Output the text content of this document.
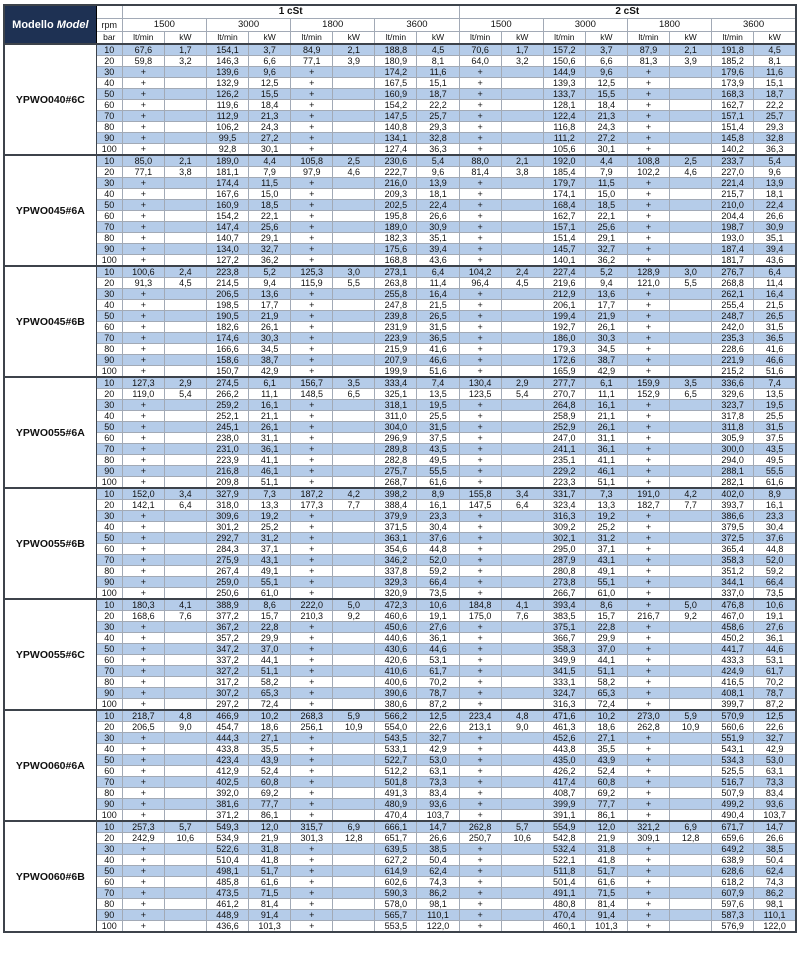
Modello Model		1 cSt								2 cSt							
	rpm	1500		3000		1800		3600		1500		3000		1800		3600	
	bar	lt/min	kW	lt/min	kW	lt/min	kW	lt/min	kW	lt/min	kW	lt/min	kW	lt/min	kW	lt/min	kW
YPWO040#6C	10	67,6	1,7	154,1	3,7	84,9	2,1	188,8	4,5	70,6	1,7	157,2	3,7	87,9	2,1	191,8	4,5
	20	59,8	3,2	146,3	6,6	77,1	3,9	180,9	8,1	64,0	3,2	150,6	6,6	81,3	3,9	185,2	8,1
	30	+		139,6	9,6	+		174,2	11,6	+		144,9	9,6	+		179,6	11,6
	40	+		132,9	12,5	+		167,5	15,1	+		139,3	12,5	+		173,9	15,1
	50	+		126,2	15,5	+		160,9	18,7	+		133,7	15,5	+		168,3	18,7
	60	+		119,6	18,4	+		154,2	22,2	+		128,1	18,4	+		162,7	22,2
	70	+		112,9	21,3	+		147,5	25,7	+		122,4	21,3	+		157,1	25,7
	80	+		106,2	24,3	+		140,8	29,3	+		116,8	24,3	+		151,4	29,3
	90	+		99,5	27,2	+		134,1	32,8	+		111,2	27,2	+		145,8	32,8
	100	+		92,8	30,1	+		127,4	36,3	+		105,6	30,1	+		140,2	36,3
YPWO045#6A	10	85,0	2,1	189,0	4,4	105,8	2,5	230,6	5,4	88,0	2,1	192,0	4,4	108,8	2,5	233,7	5,4
	20	77,1	3,8	181,1	7,9	97,9	4,6	222,7	9,6	81,4	3,8	185,4	7,9	102,2	4,6	227,0	9,6
	30	+		174,4	11,5	+		216,0	13,9	+		179,7	11,5	+		221,4	13,9
	40	+		167,6	15,0	+		209,3	18,1	+		174,1	15,0	+		215,7	18,1
	50	+		160,9	18,5	+		202,5	22,4	+		168,4	18,5	+		210,0	22,4
	60	+		154,2	22,1	+		195,8	26,6	+		162,7	22,1	+		204,4	26,6
	70	+		147,4	25,6	+		189,0	30,9	+		157,1	25,6	+		198,7	30,9
	80	+		140,7	29,1	+		182,3	35,1	+		151,4	29,1	+		193,0	35,1
	90	+		134,0	32,7	+		175,6	39,4	+		145,7	32,7	+		187,4	39,4
	100	+		127,2	36,2	+		168,8	43,6	+		140,1	36,2	+		181,7	43,6
YPWO045#6B	10	100,6	2,4	223,8	5,2	125,3	3,0	273,1	6,4	104,2	2,4	227,4	5,2	128,9	3,0	276,7	6,4
	20	91,3	4,5	214,5	9,4	115,9	5,5	263,8	11,4	96,4	4,5	219,6	9,4	121,0	5,5	268,8	11,4
	30	+		206,5	13,6	+		255,8	16,4	+		212,9	13,6	+		262,1	16,4
	40	+		198,5	17,7	+		247,8	21,5	+		206,1	17,7	+		255,4	21,5
	50	+		190,5	21,9	+		239,8	26,5	+		199,4	21,9	+		248,7	26,5
	60	+		182,6	26,1	+		231,9	31,5	+		192,7	26,1	+		242,0	31,5
	70	+		174,6	30,3	+		223,9	36,5	+		186,0	30,3	+		235,3	36,5
	80	+		166,6	34,5	+		215,9	41,6	+		179,3	34,5	+		228,6	41,6
	90	+		158,6	38,7	+		207,9	46,6	+		172,6	38,7	+		221,9	46,6
	100	+		150,7	42,9	+		199,9	51,6	+		165,9	42,9	+		215,2	51,6
YPWO055#6A	10	127,3	2,9	274,5	6,1	156,7	3,5	333,4	7,4	130,4	2,9	277,7	6,1	159,9	3,5	336,6	7,4
	20	119,0	5,4	266,2	11,1	148,5	6,5	325,1	13,5	123,5	5,4	270,7	11,1	152,9	6,5	329,6	13,5
	30	+		259,2	16,1	+		318,1	19,5	+		264,8	16,1	+		323,7	19,5
	40	+		252,1	21,1	+		311,0	25,5	+		258,9	21,1	+		317,8	25,5
	50	+		245,1	26,1	+		304,0	31,5	+		252,9	26,1	+		311,8	31,5
	60	+		238,0	31,1	+		296,9	37,5	+		247,0	31,1	+		305,9	37,5
	70	+		231,0	36,1	+		289,8	43,5	+		241,1	36,1	+		300,0	43,5
	80	+		223,9	41,1	+		282,8	49,5	+		235,1	41,1	+		294,0	49,5
	90	+		216,8	46,1	+		275,7	55,5	+		229,2	46,1	+		288,1	55,5
	100	+		209,8	51,1	+		268,7	61,6	+		223,3	51,1	+		282,1	61,6
YPWO055#6B	10	152,0	3,4	327,9	7,3	187,2	4,2	398,2	8,9	155,8	3,4	331,7	7,3	191,0	4,2	402,0	8,9
	20	142,1	6,4	318,0	13,3	177,3	7,7	388,4	16,1	147,5	6,4	323,4	13,3	182,7	7,7	393,7	16,1
	30	+		309,6	19,2	+		379,9	23,3	+		316,3	19,2	+		386,6	23,3
	40	+		301,2	25,2	+		371,5	30,4	+		309,2	25,2	+		379,5	30,4
	50	+		292,7	31,2	+		363,1	37,6	+		302,1	31,2	+		372,5	37,6
	60	+		284,3	37,1	+		354,6	44,8	+		295,0	37,1	+		365,4	44,8
	70	+		275,9	43,1	+		346,2	52,0	+		287,9	43,1	+		358,3	52,0
	80	+		267,4	49,1	+		337,8	59,2	+		280,8	49,1	+		351,2	59,2
	90	+		259,0	55,1	+		329,3	66,4	+		273,8	55,1	+		344,1	66,4
	100	+		250,6	61,0	+		320,9	73,5	+		266,7	61,0	+		337,0	73,5
YPWO055#6C	10	180,3	4,1	388,9	8,6	222,0	5,0	472,3	10,6	184,8	4,1	393,4	8,6	+	5,0	476,8	10,6
	20	168,6	7,6	377,2	15,7	210,3	9,2	460,6	19,1	175,0	7,6	383,5	15,7	216,7	9,2	467,0	19,1
	30	+		367,2	22,8	+		450,6	27,6	+		375,1	22,8	+		458,6	27,6
	40	+		357,2	29,9	+		440,6	36,1	+		366,7	29,9	+		450,2	36,1
	50	+		347,2	37,0	+		430,6	44,6	+		358,3	37,0	+		441,7	44,6
	60	+		337,2	44,1	+		420,6	53,1	+		349,9	44,1	+		433,3	53,1
	70	+		327,2	51,1	+		410,6	61,7	+		341,5	51,1	+		424,9	61,7
	80	+		317,2	58,2	+		400,6	70,2	+		333,1	58,2	+		416,5	70,2
	90	+		307,2	65,3	+		390,6	78,7	+		324,7	65,3	+		408,1	78,7
	100	+		297,2	72,4	+		380,6	87,2	+		316,3	72,4	+		399,7	87,2
YPWO060#6A	10	218,7	4,8	466,9	10,2	268,3	5,9	566,2	12,5	223,4	4,8	471,6	10,2	273,0	5,9	570,9	12,5
	20	206,5	9,0	454,7	18,6	256,1	10,9	554,0	22,6	213,1	9,0	461,3	18,6	262,8	10,9	560,6	22,6
	30	+		444,3	27,1	+		543,5	32,7	+		452,6	27,1	+		551,9	32,7
	40	+		433,8	35,5	+		533,1	42,9	+		443,8	35,5	+		543,1	42,9
	50	+		423,4	43,9	+		522,7	53,0	+		435,0	43,9	+		534,3	53,0
	60	+		412,9	52,4	+		512,2	63,1	+		426,2	52,4	+		525,5	63,1
	70	+		402,5	60,8	+		501,8	73,3	+		417,4	60,8	+		516,7	73,3
	80	+		392,0	69,2	+		491,3	83,4	+		408,7	69,2	+		507,9	83,4
	90	+		381,6	77,7	+		480,9	93,6	+		399,9	77,7	+		499,2	93,6
	100	+		371,2	86,1	+		470,4	103,7	+		391,1	86,1	+		490,4	103,7
YPWO060#6B	10	257,3	5,7	549,3	12,0	315,7	6,9	666,1	14,7	262,8	5,7	554,9	12,0	321,2	6,9	671,7	14,7
	20	242,9	10,6	534,9	21,9	301,3	12,8	651,7	26,6	250,7	10,6	542,8	21,9	309,1	12,8	659,6	26,6
	30	+		522,6	31,8	+		639,5	38,5	+		532,4	31,8	+		649,2	38,5
	40	+		510,4	41,8	+		627,2	50,4	+		522,1	41,8	+		638,9	50,4
	50	+		498,1	51,7	+		614,9	62,4	+		511,8	51,7	+		628,6	62,4
	60	+		485,8	61,6	+		602,6	74,3	+		501,4	61,6	+		618,2	74,3
	70	+		473,5	71,5	+		590,3	86,2	+		491,1	71,5	+		607,9	86,2
	80	+		461,2	81,4	+		578,0	98,1	+		480,8	81,4	+		597,6	98,1
	90	+		448,9	91,4	+		565,7	110,1	+		470,4	91,4	+		587,3	110,1
	100	+		436,6	101,3	+		553,5	122,0	+		460,1	101,3	+		576,9	122,0
